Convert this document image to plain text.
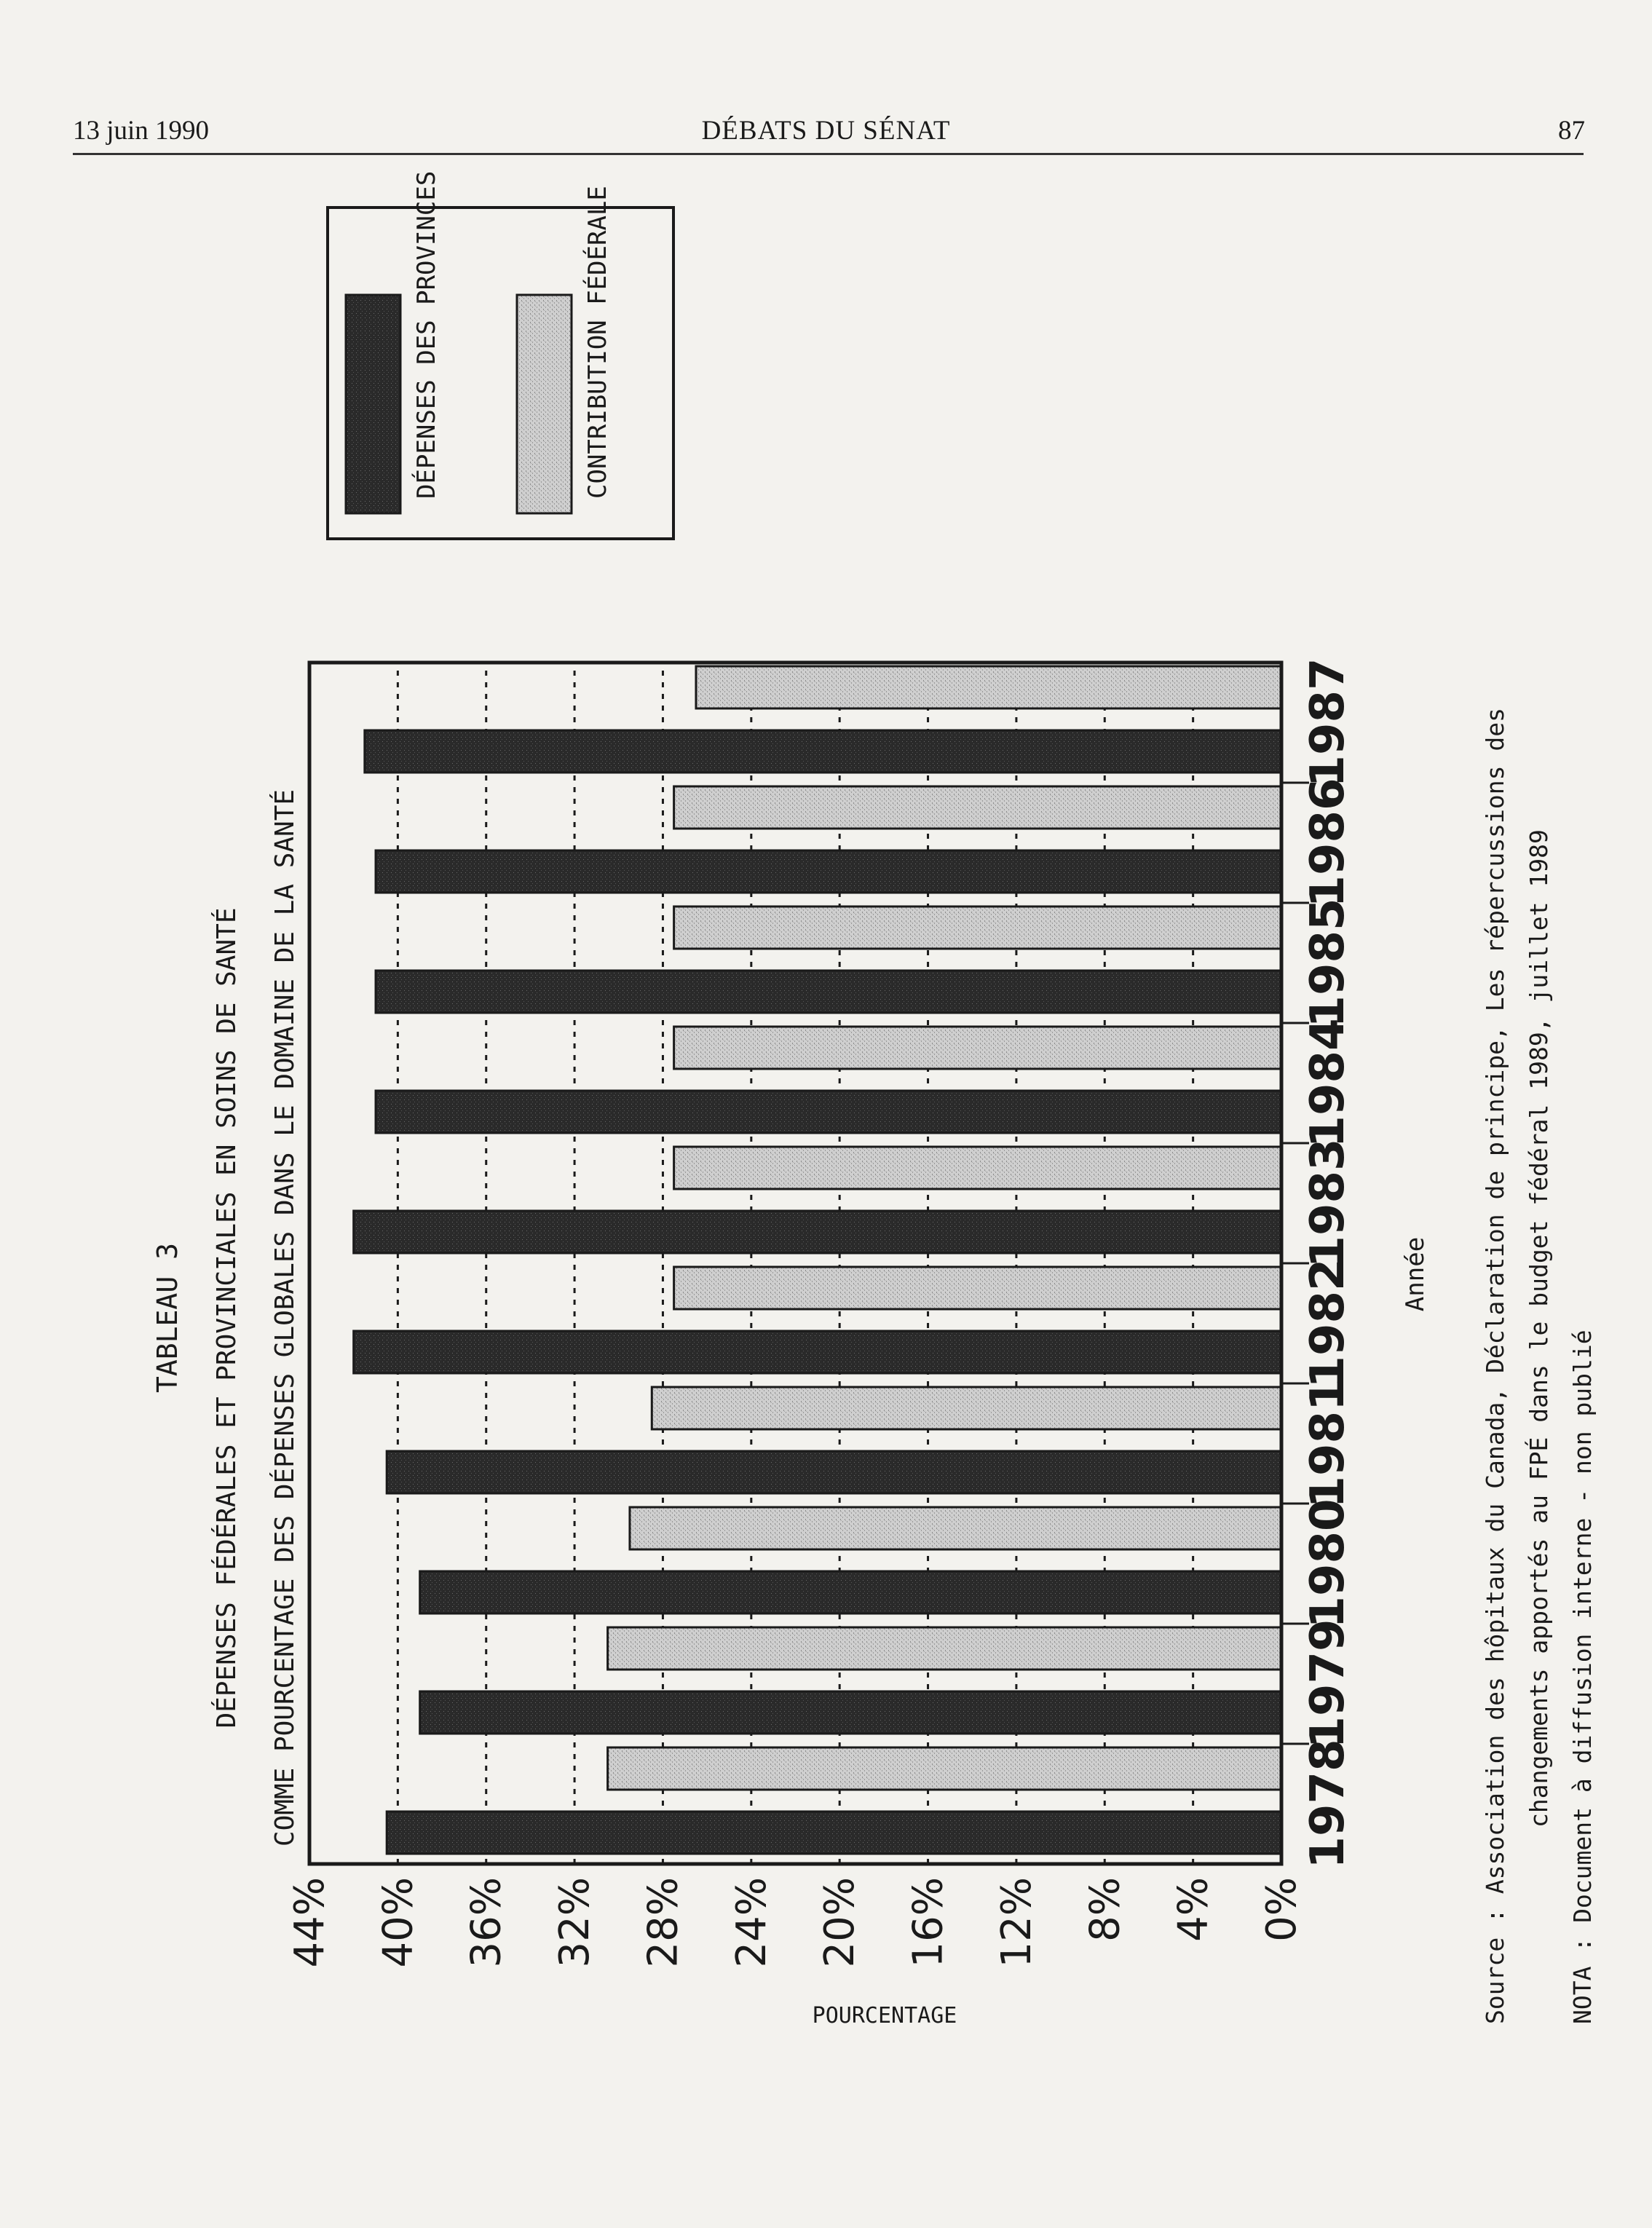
13 juin 1990	DÉBATS DU SÉNAT	87
TABLEAU 3 DÉPENSES FÉDÉRALES ET PROVINCIALES EN SOINS DE SANTÉ COMME POURCENTAGE DES DÉPENSES GLOBALES DANS LE DOMAINE DE LA SANTÉ
DÉPENSES DES PROVINCES	CONTRIBUTION FÉDÉRALE
0%
4%
8%
12%
16%
20%
24%
28%
32%
36%
40%
44%
1978
1979
1980
1981
1982
1983
1984
1985
1986
1987
Année
POURCENTAGE	Source : Association des hôpitaux du Canada, Déclaration de principe, Les répercussions des changements apportés au FPÉ dans le budget fédéral 1989, juillet 1989 NOTA : Document à diffusion interne - non publié
